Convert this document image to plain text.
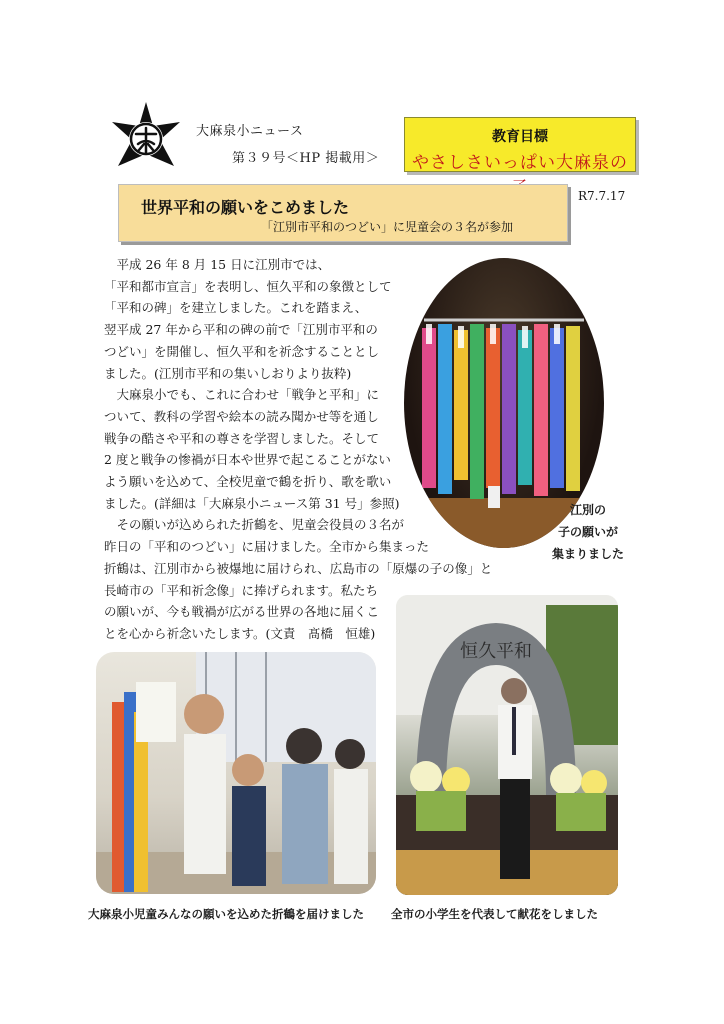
大麻泉小ニュース
第３９号＜HP 掲載用＞
教育目標
やさしさいっぱい大麻泉の
R7.7.17
世界平和の願いをこめました
「江別市平和のつどい」に児童会の３名が参加

　平成 26 年 8 月 15 日に江別市では、

「平和都市宣言」を表明し、恒久平和の象徴として

「平和の碑」を建立しました。これを踏まえ、

翌平成 27 年から平和の碑の前で「江別市平和の

つどい」を開催し、恒久平和を祈念することとし

ました。(江別市平和の集いしおりより抜粋)

　大麻泉小でも、これに合わせ「戦争と平和」に

ついて、教科の学習や絵本の読み聞かせ等を通し

戦争の酷さや平和の尊さを学習しました。そして

2 度と戦争の惨禍が日本や世界で起こることがない

よう願いを込めて、全校児童で鶴を折り、歌を歌い

ました。(詳細は「大麻泉小ニュース第 31 号」参照)

　その願いが込められた折鶴を、児童会役員の３名が

昨日の「平和のつどい」に届けました。全市から集まった

折鶴は、江別市から被爆地に届けられ、広島市の「原爆の子の像」と

長崎市の「平和祈念像」に捧げられます。私たち

の願いが、今も戦禍が広がる世界の各地に届くこ

とを心から祈念いたします。(文責　髙橋　恒雄)

江別の
子の願いが
集まりました
恒久平和
大麻泉小児童みんなの願いを込めた折鶴を届けました 全市の小学生を代表して献花をしました
